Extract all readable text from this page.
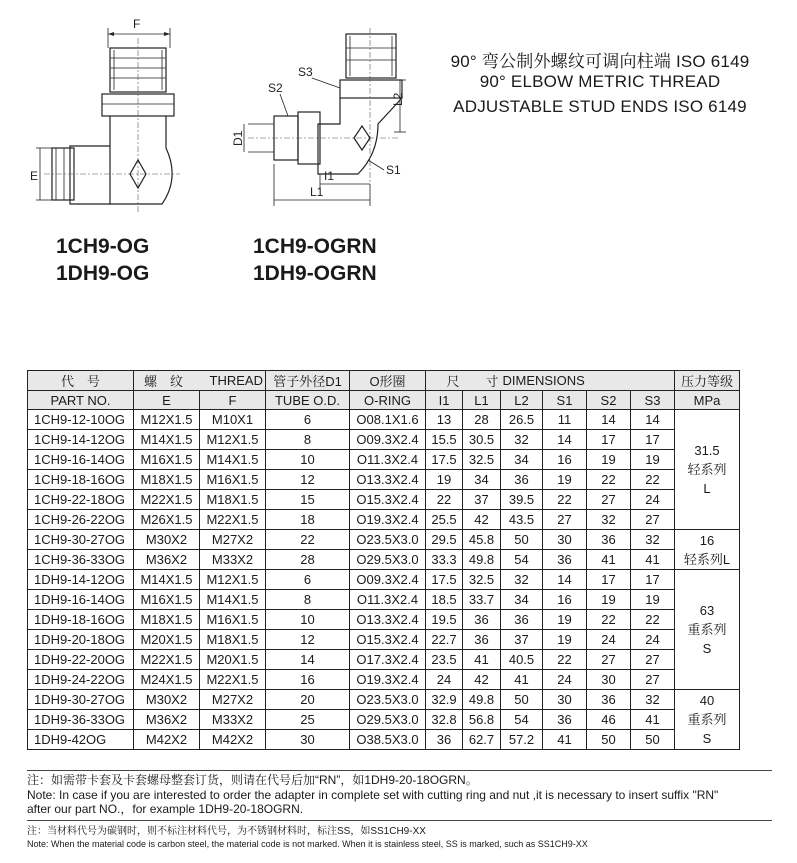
90° 弯公制外螺纹可调向柱端 ISO 6149
90° ELBOW METRIC THREAD
ADJUSTABLE STUD ENDS ISO 6149
F
E
1CH9-OG
1DH9-OG
L2
D1
S2
S3
S1
I1
L1
1CH9-OGRN
1DH9-OGRN
代　号	螺　纹	THREAD	管子外径D1	O形圈	尺　　寸		DIMENSIONS				压力等级
PART NO.	E	F	TUBE O.D.	O-RING	I1	L1	L2	S1	S2	S3	MPa
1CH9-12-10OG	M12X1.5	M10X1	6	O08.1X1.6	13	28	26.5	11	14	14	31.5
轻系列
L

1CH9-14-12OG	M14X1.5	M12X1.5	8	O09.3X2.4	15.5	30.5	32	14	17	17	
1CH9-16-14OG	M16X1.5	M14X1.5	10	O11.3X2.4	17.5	32.5	34	16	19	19	
1CH9-18-16OG	M18X1.5	M16X1.5	12	O13.3X2.4	19	34	36	19	22	22	
1CH9-22-18OG	M22X1.5	M18X1.5	15	O15.3X2.4	22	37	39.5	22	27	24	
1CH9-26-22OG	M26X1.5	M22X1.5	18	O19.3X2.4	25.5	42	43.5	27	32	27	
1CH9-30-27OG	M30X2	M27X2	22	O23.5X3.0	29.5	45.8	50	30	36	32	16
轻系列L

1CH9-36-33OG	M36X2	M33X2	28	O29.5X3.0	33.3	49.8	54	36	41	41	
1DH9-14-12OG	M14X1.5	M12X1.5	6	O09.3X2.4	17.5	32.5	32	14	17	17	63
重系列
S

1DH9-16-14OG	M16X1.5	M14X1.5	8	O11.3X2.4	18.5	33.7	34	16	19	19	
1DH9-18-16OG	M18X1.5	M16X1.5	10	O13.3X2.4	19.5	36	36	19	22	22	
1DH9-20-18OG	M20X1.5	M18X1.5	12	O15.3X2.4	22.7	36	37	19	24	24	
1DH9-22-20OG	M22X1.5	M20X1.5	14	O17.3X2.4	23.5	41	40.5	22	27	27	
1DH9-24-22OG	M24X1.5	M22X1.5	16	O19.3X2.4	24	42	41	24	30	27	
1DH9-30-27OG	M30X2	M27X2	20	O23.5X3.0	32.9	49.8	50	30	36	32	40
重系列
S

1DH9-36-33OG	M36X2	M33X2	25	O29.5X3.0	32.8	56.8	54	36	46	41	
1DH9-42OG	M42X2	M42X2	30	O38.5X3.0	36	62.7	57.2	41	50	50	
注：如需带卡套及卡套螺母整套订货，则请在代号后加“RN”，如1DH9-20-18OGRN。
Note: In case if you are interested to order the adapter in complete set with cutting ring and nut ,it is necessary to insert suffix "RN"
after our part NO.，for example 1DH9-20-18OGRN.
注：当材料代号为碳钢时，则不标注材料代号，为不锈钢材料时，标注SS，如SS1CH9-XX
Note: When the material code is carbon steel, the material code is not marked. When it is stainless steel, SS is marked, such as SS1CH9-XX
